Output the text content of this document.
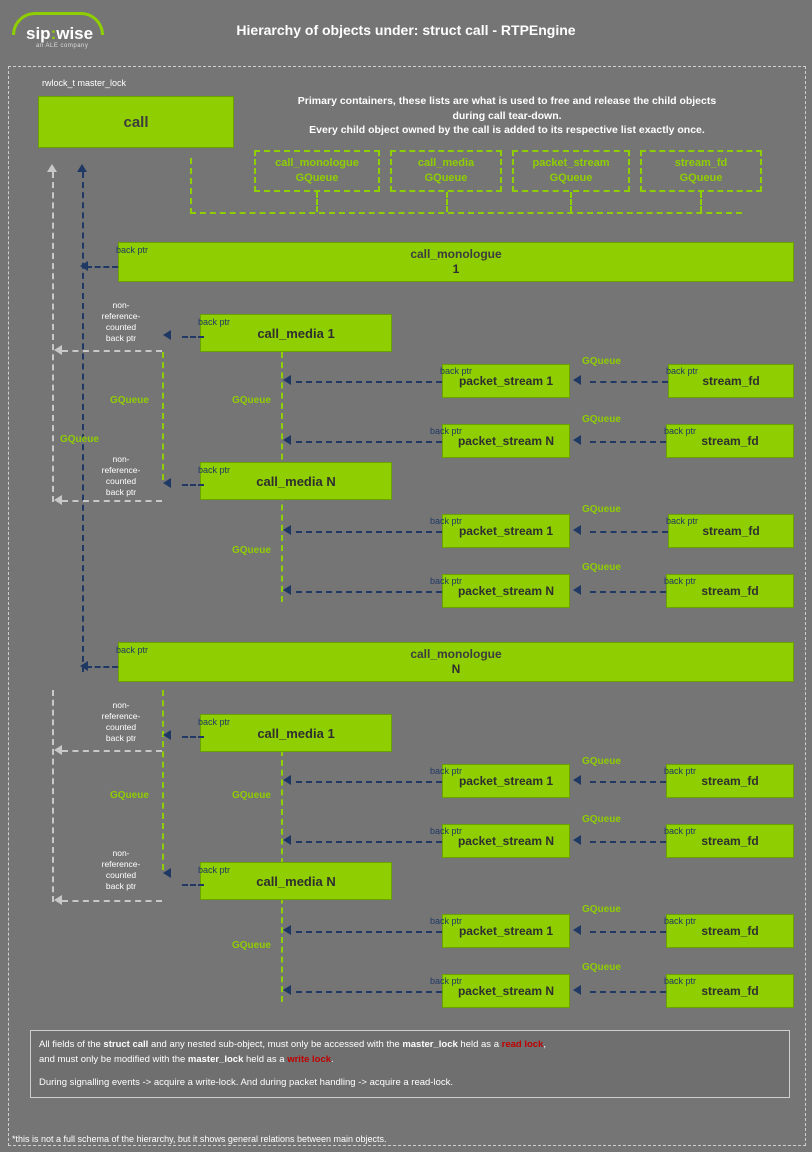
sip:wise
an ALE company
Hierarchy of objects under: struct call - RTPEngine
rwlock_t master_lock
call
Primary containers, these lists are what is used to free and release the child objects
during call tear-down.
Every child object owned by the call is added to its respective list exactly once.
call_monologue
GQueue
call_media
GQueue
packet_stream
GQueue
stream_fd
GQueue
call_monologue
1
back ptr
call_media
1
back ptr
non-
reference-
counted
back ptr
GQueue
GQueue
GQueue
packet_stream
1
back ptr
stream_fd
back ptr
GQueue
packet_stream
N
back ptr
stream_fd
back ptr
GQueue
call_media
N
back ptr
non-
reference-
counted
back ptr
GQueue
packet_stream
1
back ptr
stream_fd
back ptr
GQueue
packet_stream
N
back ptr
stream_fd
back ptr
GQueue
call_monologue
N
back ptr
call_media
1
back ptr
non-
reference-
counted
back ptr
GQueue	GQueue
packet_stream
1
back ptr
stream_fd
back ptr
GQueue
packet_stream
N
back ptr
stream_fd
back ptr
GQueue
call_media
N
back ptr
non-
reference-
counted
back ptr
GQueue
packet_stream
1
back ptr
stream_fd
back ptr
GQueue
packet_stream
N
back ptr
stream_fd
back ptr
GQueue

All fields of the struct call and any nested sub-object, must only be accessed with the master_lock held as a read lock,
and must only be modified with the master_lock held as a write lock.

During signalling events -> acquire a write-lock. And during packet handling -> acquire a read-lock.

*this is not a full schema of the hierarchy, but it shows general relations between main objects.
